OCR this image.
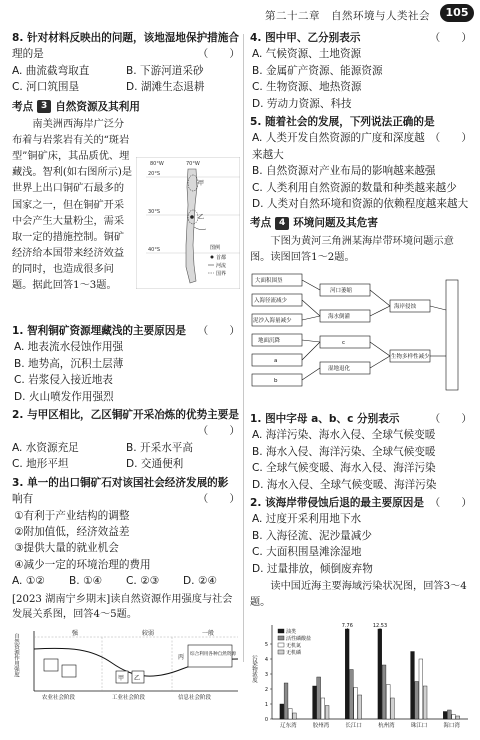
第二十二章　自然环境与人类社会	105
8. 针对材料反映出的问题，该地湿地保护措施合
理的是	（　　）
A. 曲流截弯取直	B. 下游河道采砂
C. 河口筑围垦	D. 湖滩生态退耕
考点 3 自然资源及其利用

南美洲西海岸广泛分布着与岩浆岩有关的“斑岩型”铜矿床，其品质优、埋藏浅。智利(如右图所示)是世界上出口铜矿石最多的国家之一，但在铜矿开采中会产生大量粉尘，需采取一定的措施控制。铜矿经济给本国带来经济效益的同时，也造成很多问题。据此回答1～3题。

20°S
30°S
40°S
80°W	70°W
甲
乙
图例
首都
河流
国界
1. 智利铜矿资源埋藏浅的主要原因是 （　　）
A. 地表流水侵蚀作用强
B. 地势高，沉积土层薄
C. 岩浆侵入接近地表
D. 火山喷发作用强烈
2. 与甲区相比，乙区铜矿开采冶炼的优势主要是
（　　）
A. 水资源充足	B. 开采水平高
C. 地形平坦	D. 交通便利
3. 单一的出口铜矿石对该国社会经济发展的影
响有	（　　）
①有利于产业结构的调整
②附加值低，经济效益差
③提供大量的就业机会
④减少一定的环境治理的费用
A. ①②	B. ①④	C. ②③	D. ②④

[2023 湖南宁乡期末]读自然资源作用强度与社会发展关系图，回答4～5题。

自然资源作用强度	强	较弱	一般
甲 乙
丙 综合利用各种自然资源
农业社会阶段	工业社会阶段	信息社会阶段
4. 图中甲、乙分别表示	（　　）
A. 气候资源、土地资源
B. 金属矿产资源、能源资源
C. 生物资源、地热资源
D. 劳动力资源、科技
5. 随着社会的发展，下列说法正确的是
（　　）
A. 人类开发自然资源的广度和深度越来越大
B. 自然资源对产业布局的影响越来越强
C. 人类利用自然资源的数量和种类越来越少
D. 人类对自然环境和资源的依赖程度越来越大
考点 4 环境问题及其危害

下图为黄河三角洲某海岸带环境问题示意图。读图回答1～2题。

大面积围垦
入海径流减少
泥沙入海量减少
地面沉降
a
b
河口萎缩
海水倒灌
c
湿地退化
海岸侵蚀
生物多样性减少
1. 图中字母 a、b、c 分别表示	（　　）
A. 海洋污染、海水入侵、全球气候变暖
B. 海水入侵、海洋污染、全球气候变暖
C. 全球气候变暖、海水入侵、海洋污染
D. 海水入侵、全球气候变暖、海洋污染
2. 该海岸带侵蚀后退的最主要原因是 （　　）
A. 过度开采利用地下水
B. 入海径流、泥沙量减少
C. 大面积围垦滩涂湿地
D. 过量排放，倾倒废弃物

读中国近海主要海域污染状况图，回答3～4题。

污染物浓度
0
1
2
3
4
5
辽东湾	胶州湾
7.76
长江口
12.53
杭州湾	珠江口	海口湾
油类
活性磷酸盐
无机氮
无机磷
